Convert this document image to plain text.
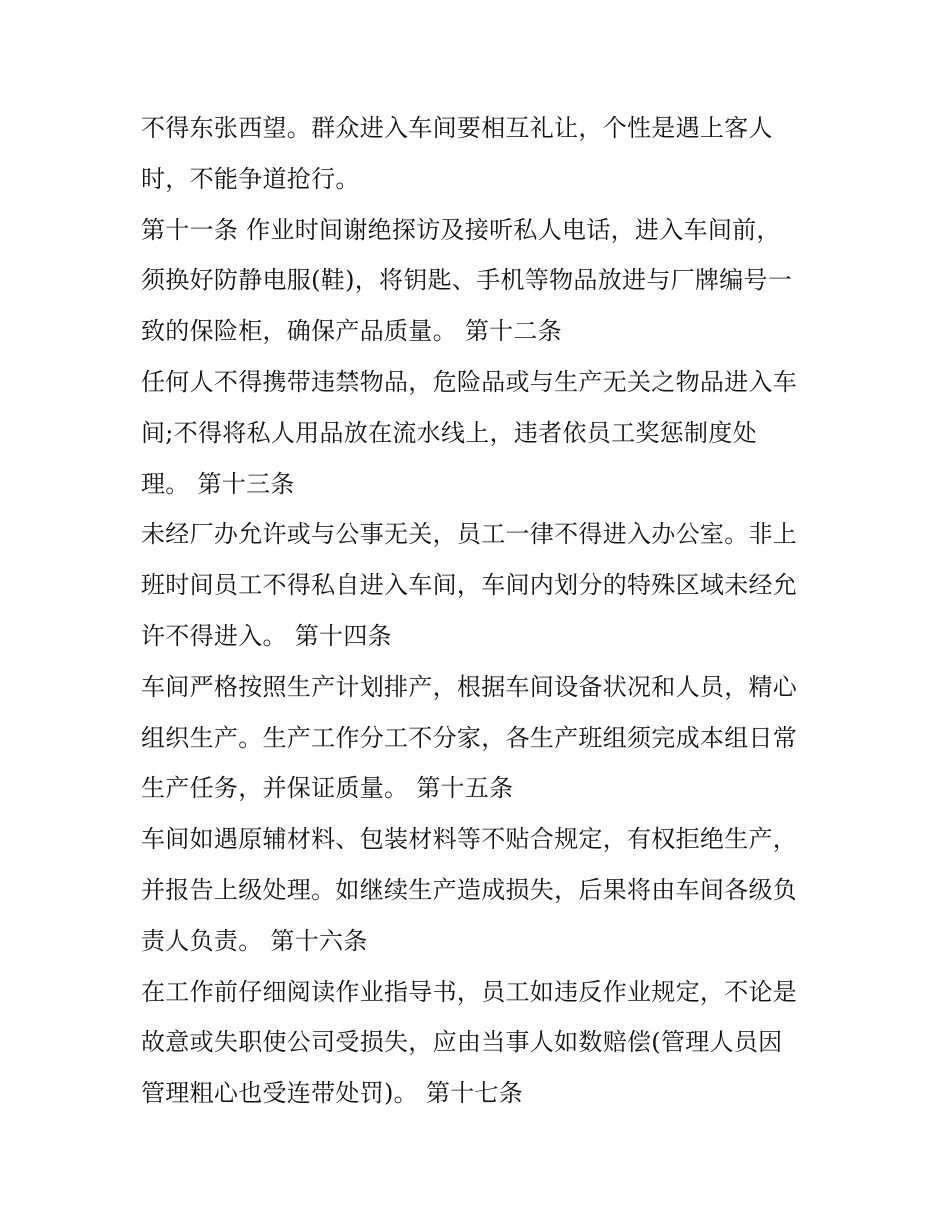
不得东张西望。群众进入车间要相互礼让，个性是遇上客人
时，不能争道抢行。
第十一条 作业时间谢绝探访及接听私人电话，进入车间前，
须换好防静电服(鞋)，将钥匙、手机等物品放进与厂牌编号一
致的保险柜，确保产品质量。 第十二条
任何人不得携带违禁物品，危险品或与生产无关之物品进入车
间;不得将私人用品放在流水线上，违者依员工奖惩制度处
理。 第十三条
未经厂办允许或与公事无关，员工一律不得进入办公室。非上
班时间员工不得私自进入车间，车间内划分的特殊区域未经允
许不得进入。 第十四条
车间严格按照生产计划排产，根据车间设备状况和人员，精心
组织生产。生产工作分工不分家，各生产班组须完成本组日常
生产任务，并保证质量。 第十五条
车间如遇原辅材料、包装材料等不贴合规定，有权拒绝生产，
并报告上级处理。如继续生产造成损失，后果将由车间各级负
责人负责。 第十六条
在工作前仔细阅读作业指导书，员工如违反作业规定，不论是
故意或失职使公司受损失，应由当事人如数赔偿(管理人员因
管理粗心也受连带处罚)。 第十七条
